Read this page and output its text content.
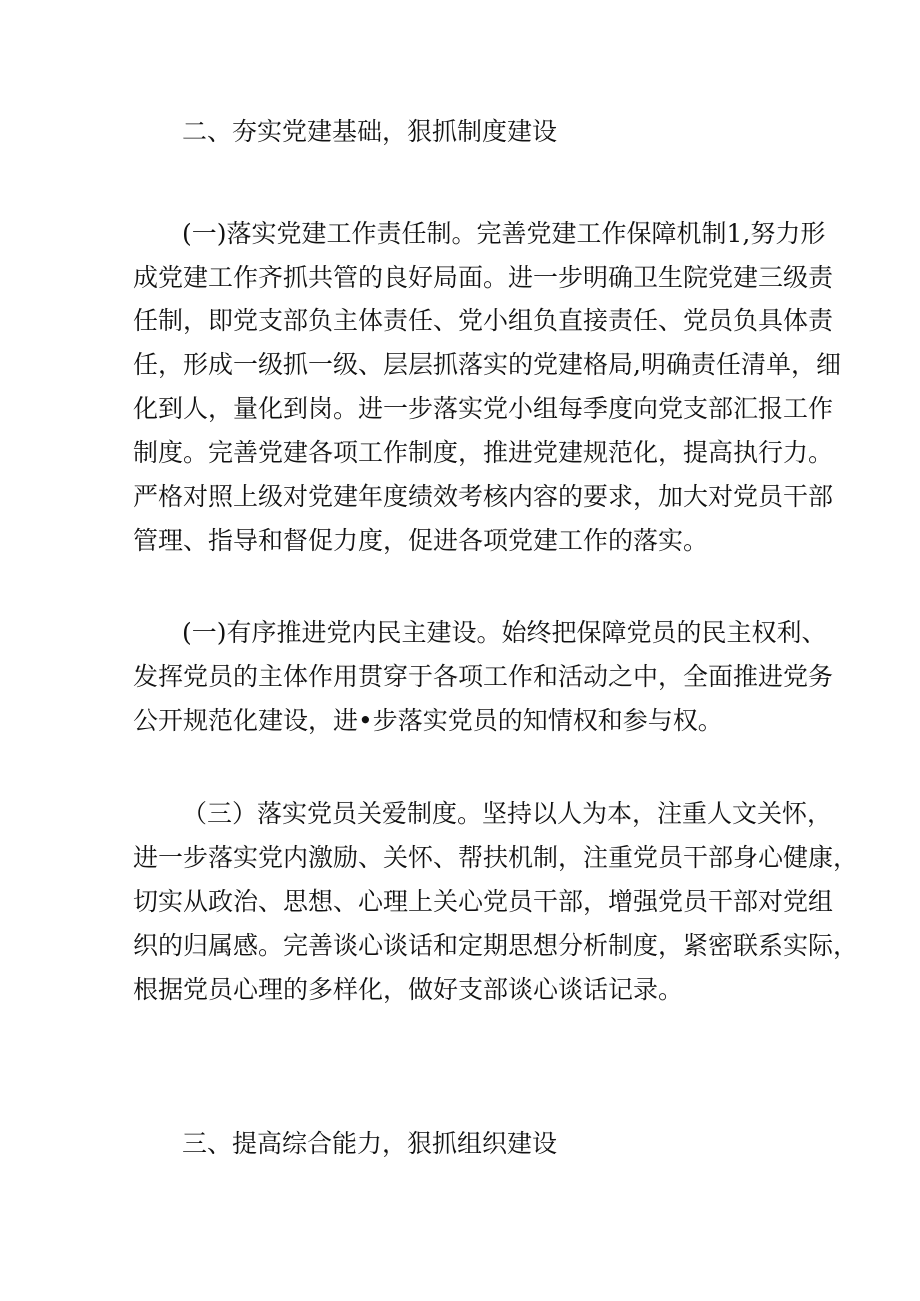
二、夯实党建基础，狠抓制度建设

(一)落实党建工作责任制。完善党建工作保障机制1,努力形

成党建工作齐抓共管的良好局面。进一步明确卫生院党建三级责

任制，即党支部负主体责任、党小组负直接责任、党员负具体责

任，形成一级抓一级、层层抓落实的党建格局,明确责任清单，细

化到人，量化到岗。进一步落实党小组每季度向党支部汇报工作

制度。完善党建各项工作制度，推进党建规范化，提高执行力。

严格对照上级对党建年度绩效考核内容的要求，加大对党员干部

管理、指导和督促力度，促进各项党建工作的落实。

(一)有序推进党内民主建设。始终把保障党员的民主权利、

发挥党员的主体作用贯穿于各项工作和活动之中，全面推进党务

公开规范化建设，进•步落实党员的知情权和参与权。

（三）落实党员关爱制度。坚持以人为本，注重人文关怀，

进一步落实党内激励、关怀、帮扶机制，注重党员干部身心健康，

切实从政治、思想、心理上关心党员干部，增强党员干部对党组

织的归属感。完善谈心谈话和定期思想分析制度，紧密联系实际，

根据党员心理的多样化，做好支部谈心谈话记录。

三、提高综合能力，狠抓组织建设
